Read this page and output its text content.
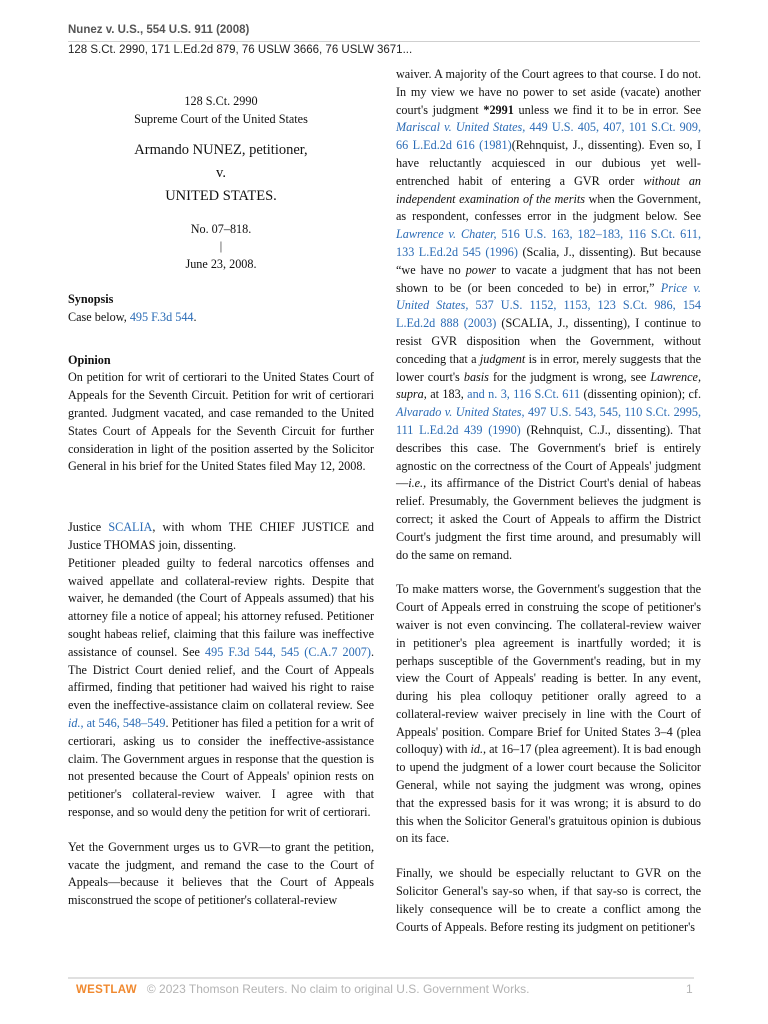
Nunez v. U.S., 554 U.S. 911 (2008)
128 S.Ct. 2990, 171 L.Ed.2d 879, 76 USLW 3666, 76 USLW 3671...

128 S.Ct. 2990

Supreme Court of the United States

Armando NUNEZ, petitioner,

v.

UNITED STATES.

No. 07–818.

|

June 23, 2008.

Synopsis

Case below, 495 F.3d 544.

Opinion

On petition for writ of certiorari to the United States Court of Appeals for the Seventh Circuit. Petition for writ of certiorari granted. Judgment vacated, and case remanded to the United States Court of Appeals for the Seventh Circuit for further consideration in light of the position asserted by the Solicitor General in his brief for the United States filed May 12, 2008.

Justice SCALIA, with whom THE CHIEF JUSTICE and Justice THOMAS join, dissenting.

Petitioner pleaded guilty to federal narcotics offenses and waived appellate and collateral-review rights. Despite that waiver, he demanded (the Court of Appeals assumed) that his attorney file a notice of appeal; his attorney refused. Petitioner sought habeas relief, claiming that this failure was ineffective assistance of counsel. See 495 F.3d 544, 545 (C.A.7 2007). The District Court denied relief, and the Court of Appeals affirmed, finding that petitioner had waived his right to raise even the ineffective-assistance claim on collateral review. See id., at 546, 548–549. Petitioner has filed a petition for a writ of certiorari, asking us to consider the ineffective-assistance claim. The Government argues in response that the question is not presented because the Court of Appeals' opinion rests on petitioner's collateral-review waiver. I agree with that response, and so would deny the petition for writ of certiorari.

Yet the Government urges us to GVR—to grant the petition, vacate the judgment, and remand the case to the Court of Appeals—because it believes that the Court of Appeals misconstrued the scope of petitioner's collateral-review

waiver. A majority of the Court agrees to that course. I do not. In my view we have no power to set aside (vacate) another court's judgment *2991 unless we find it to be in error. See Mariscal v. United States, 449 U.S. 405, 407, 101 S.Ct. 909, 66 L.Ed.2d 616 (1981)(Rehnquist, J., dissenting). Even so, I have reluctantly acquiesced in our dubious yet well-entrenched habit of entering a GVR order without an independent examination of the merits when the Government, as respondent, confesses error in the judgment below. See Lawrence v. Chater, 516 U.S. 163, 182–183, 116 S.Ct. 611, 133 L.Ed.2d 545 (1996) (Scalia, J., dissenting). But because “we have no power to vacate a judgment that has not been shown to be (or been conceded to be) in error,” Price v. United States, 537 U.S. 1152, 1153, 123 S.Ct. 986, 154 L.Ed.2d 888 (2003) (SCALIA, J., dissenting), I continue to resist GVR disposition when the Government, without conceding that a judgment is in error, merely suggests that the lower court's basis for the judgment is wrong, see Lawrence, supra, at 183, and n. 3, 116 S.Ct. 611 (dissenting opinion); cf. Alvarado v. United States, 497 U.S. 543, 545, 110 S.Ct. 2995, 111 L.Ed.2d 439 (1990) (Rehnquist, C.J., dissenting). That describes this case. The Government's brief is entirely agnostic on the correctness of the Court of Appeals' judgment —i.e., its affirmance of the District Court's denial of habeas relief. Presumably, the Government believes the judgment is correct; it asked the Court of Appeals to affirm the District Court's judgment the first time around, and presumably will do the same on remand.

To make matters worse, the Government's suggestion that the Court of Appeals erred in construing the scope of petitioner's waiver is not even convincing. The collateral-review waiver in petitioner's plea agreement is inartfully worded; it is perhaps susceptible of the Government's reading, but in my view the Court of Appeals' reading is better. In any event, during his plea colloquy petitioner orally agreed to a collateral-review waiver precisely in line with the Court of Appeals' position. Compare Brief for United States 3–4 (plea colloquy) with id., at 16–17 (plea agreement). It is bad enough to upend the judgment of a lower court because the Solicitor General, while not saying the judgment was wrong, opines that the expressed basis for it was wrong; it is absurd to do this when the Solicitor General's gratuitous opinion is dubious on its face.

Finally, we should be especially reluctant to GVR on the Solicitor General's say-so when, if that say-so is correct, the likely consequence will be to create a conflict among the Courts of Appeals. Before resting its judgment on petitioner's

WESTLAW © 2023 Thomson Reuters. No claim to original U.S. Government Works.	1
